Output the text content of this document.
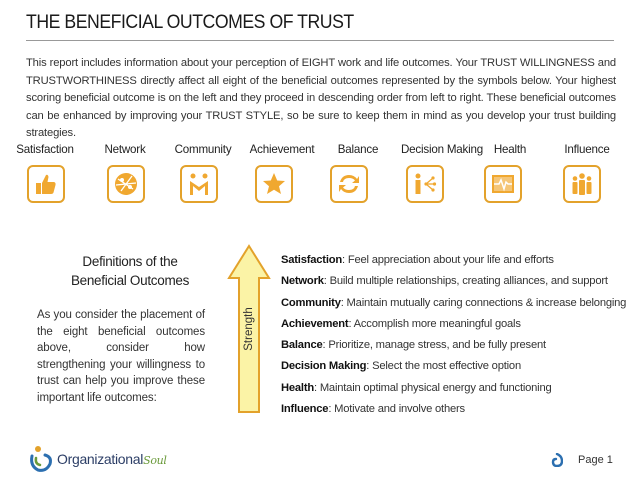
THE BENEFICIAL OUTCOMES OF TRUST
This report includes information about your perception of EIGHT work and life outcomes. Your TRUST WILLINGNESS and TRUSTWORTHINESS directly affect all eight of the beneficial outcomes represented by the symbols below. Your highest scoring beneficial outcome is on the left and they proceed in descending order from left to right. These beneficial outcomes can be enhanced by improving your TRUST STYLE, so be sure to keep them in mind as you develop your trust building strategies.
Satisfaction	Network	Community Achievement Balance Decision Making Health	Influence
Definitions of the Beneficial Outcomes
As you consider the placement of the eight beneficial outcomes above, consider how strengthening your willingness to trust can help you improve these important life outcomes:
Strength
Satisfaction: Feel appreciation about your life and efforts
Network: Build multiple relationships, creating alliances, and support
Community: Maintain mutually caring connections & increase belonging
Achievement: Accomplish more meaningful goals
Balance: Prioritize, manage stress, and be fully present
Decision Making: Select the most effective option
Health: Maintain optimal physical energy and functioning
Influence: Motivate and involve others
OrganizationalSoul	Page 1
